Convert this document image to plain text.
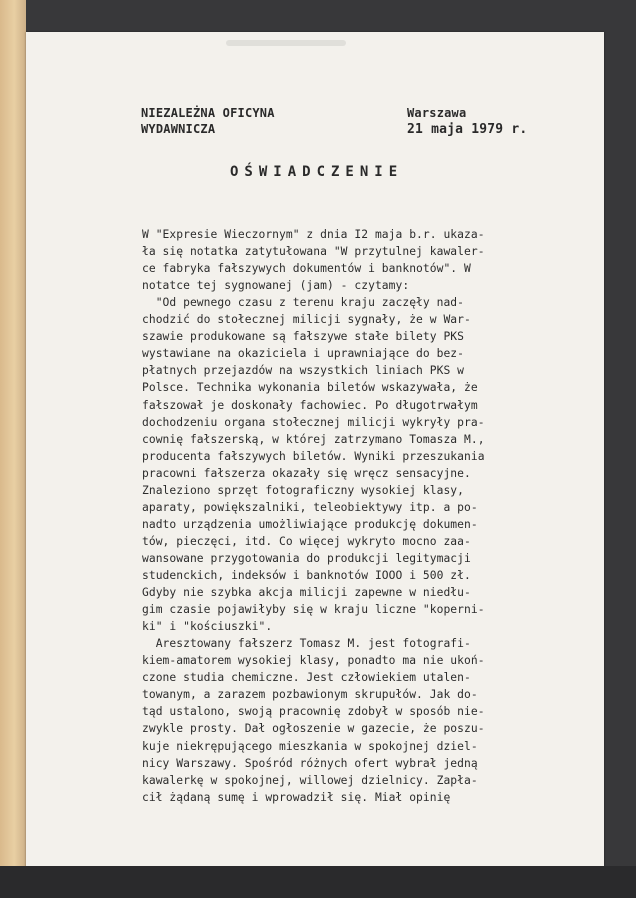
NIEZALEŻNA OFICYNA
WYDAWNICZA
Warszawa
21 maja 1979 r.
OŚWIADCZENIE
W "Expresie Wieczornym" z dnia I2 maja b.r. ukaza-
ła się notatka zatytułowana "W przytulnej kawaler-
ce fabryka fałszywych dokumentów i banknotów". W
notatce tej sygnowanej (jam) - czytamy:
"Od pewnego czasu z terenu kraju zaczęły nad-
chodzić do stołecznej milicji sygnały, że w War-
szawie produkowane są fałszywe stałe bilety PKS
wystawiane na okaziciela i uprawniające do bez-
płatnych przejazdów na wszystkich liniach PKS w
Polsce. Technika wykonania biletów wskazywała, że
fałszował je doskonały fachowiec. Po długotrwałym
dochodzeniu organa stołecznej milicji wykryły pra-
cownię fałszerską, w której zatrzymano Tomasza M.,
producenta fałszywych biletów. Wyniki przeszukania
pracowni fałszerza okazały się wręcz sensacyjne.
Znaleziono sprzęt fotograficzny wysokiej klasy,
aparaty, powiększalniki, teleobiektywy itp. a po-
nadto urządzenia umożliwiające produkcję dokumen-
tów, pieczęci, itd. Co więcej wykryto mocno zaa-
wansowane przygotowania do produkcji legitymacji
studenckich, indeksów i banknotów IOOO i 500 zł.
Gdyby nie szybka akcja milicji zapewne w niedłu-
gim czasie pojawiłyby się w kraju liczne "koperni-
ki" i "kościuszki".
Aresztowany fałszerz Tomasz M. jest fotografi-
kiem-amatorem wysokiej klasy, ponadto ma nie ukoń-
czone studia chemiczne. Jest człowiekiem utalen-
towanym, a zarazem pozbawionym skrupułów. Jak do-
tąd ustalono, swoją pracownię zdobył w sposób nie-
zwykle prosty. Dał ogłoszenie w gazecie, że poszu-
kuje niekrępującego mieszkania w spokojnej dziel-
nicy Warszawy. Spośród różnych ofert wybrał jedną
kawalerkę w spokojnej, willowej dzielnicy. Zapła-
cił żądaną sumę i wprowadził się. Miał opinię
